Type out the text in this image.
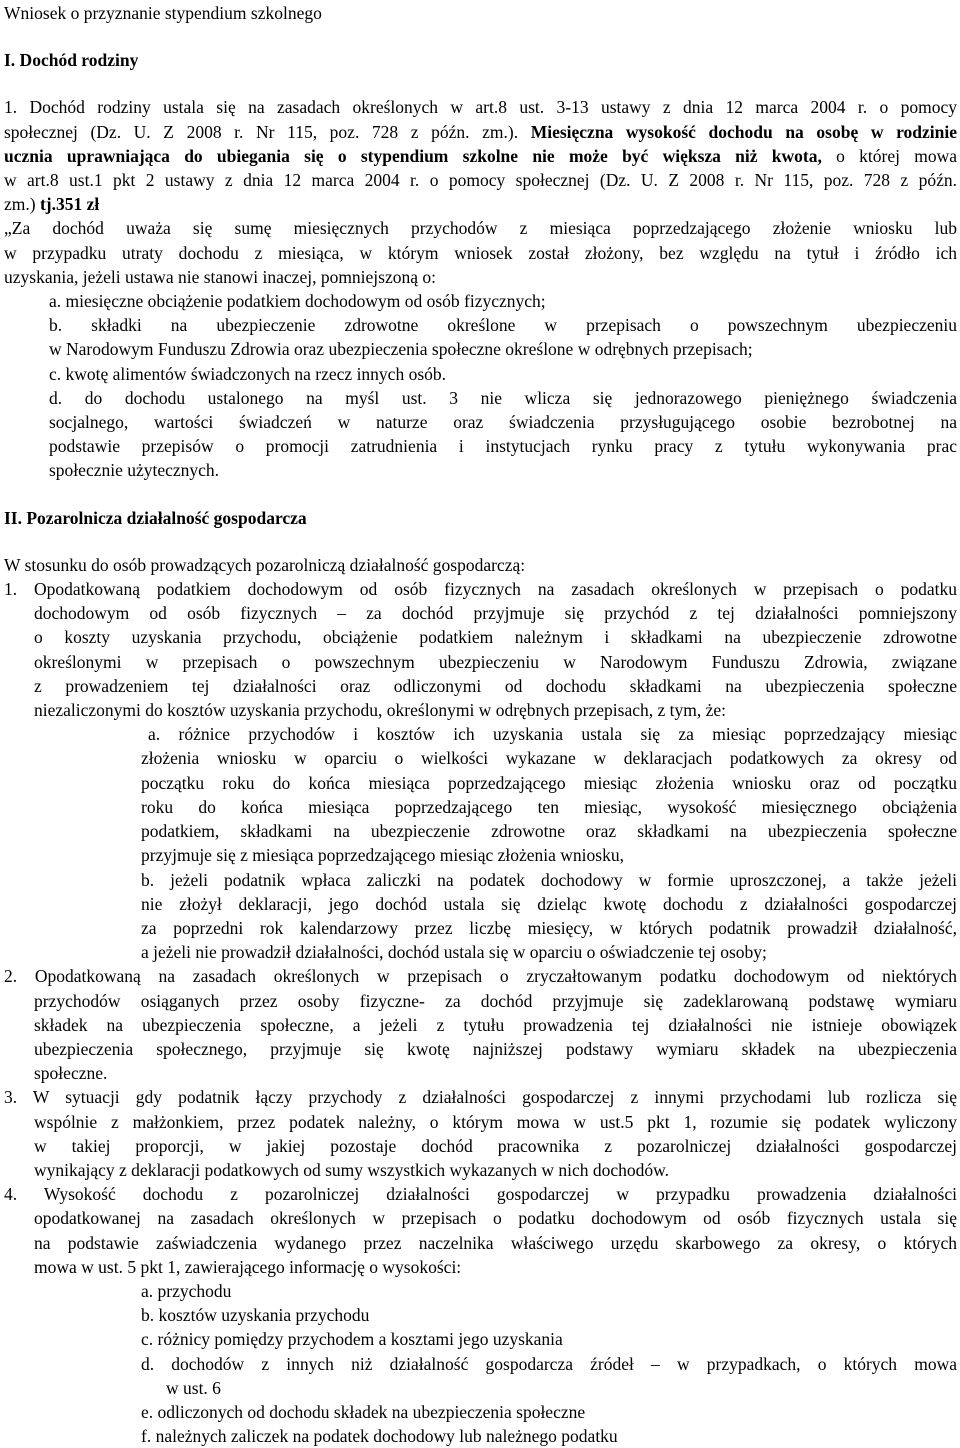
Wniosek o przyznanie stypendium szkolnego
I. Dochód rodziny
1. Dochód rodziny ustala się na zasadach określonych w art.8 ust. 3-13 ustawy z dnia 12 marca 2004 r. o pomocy
społecznej (Dz. U. Z 2008 r. Nr 115, poz. 728 z późn. zm.). Miesięczna wysokość dochodu na osobę w rodzinie
ucznia uprawniająca do ubiegania się o stypendium szkolne nie może być większa niż kwota, o której mowa
w art.8 ust.1 pkt 2 ustawy z dnia 12 marca 2004 r. o pomocy społecznej (Dz. U. Z 2008 r. Nr 115, poz. 728 z późn.
zm.) tj.351 zł
„Za dochód uważa się sumę miesięcznych przychodów z miesiąca poprzedzającego złożenie wniosku lub
w przypadku utraty dochodu z miesiąca, w którym wniosek został złożony, bez względu na tytuł i źródło ich
uzyskania, jeżeli ustawa nie stanowi inaczej, pomniejszoną o:
a. miesięczne obciążenie podatkiem dochodowym od osób fizycznych;
b. składki na ubezpieczenie zdrowotne określone w przepisach o powszechnym ubezpieczeniu
w Narodowym Funduszu Zdrowia oraz ubezpieczenia społeczne określone w odrębnych przepisach;
c. kwotę alimentów świadczonych na rzecz innych osób.
d. do dochodu ustalonego na myśl ust. 3 nie wlicza się jednorazowego pieniężnego świadczenia
socjalnego, wartości świadczeń w naturze oraz świadczenia przysługującego osobie bezrobotnej na
podstawie przepisów o promocji zatrudnienia i instytucjach rynku pracy z tytułu wykonywania prac
społecznie użytecznych.
II. Pozarolnicza działalność gospodarcza
W stosunku do osób prowadzących pozarolniczą działalność gospodarczą:
1. Opodatkowaną podatkiem dochodowym od osób fizycznych na zasadach określonych w przepisach o podatku
dochodowym od osób fizycznych – za dochód przyjmuje się przychód z tej działalności pomniejszony
o koszty uzyskania przychodu, obciążenie podatkiem należnym i składkami na ubezpieczenie zdrowotne
określonymi w przepisach o powszechnym ubezpieczeniu w Narodowym Funduszu Zdrowia, związane
z prowadzeniem tej działalności oraz odliczonymi od dochodu składkami na ubezpieczenia społeczne
niezaliczonymi do kosztów uzyskania przychodu, określonymi w odrębnych przepisach, z tym, że:
a. różnice przychodów i kosztów ich uzyskania ustala się za miesiąc poprzedzający miesiąc
złożenia wniosku w oparciu o wielkości wykazane w deklaracjach podatkowych za okresy od
początku roku do końca miesiąca poprzedzającego miesiąc złożenia wniosku oraz od początku
roku do końca miesiąca poprzedzającego ten miesiąc, wysokość miesięcznego obciążenia
podatkiem, składkami na ubezpieczenie zdrowotne oraz składkami na ubezpieczenia społeczne
przyjmuje się z miesiąca poprzedzającego miesiąc złożenia wniosku,
b. jeżeli podatnik wpłaca zaliczki na podatek dochodowy w formie uproszczonej, a także jeżeli
nie złożył deklaracji, jego dochód ustala się dzieląc kwotę dochodu z działalności gospodarczej
za poprzedni rok kalendarzowy przez liczbę miesięcy, w których podatnik prowadził działalność,
a jeżeli nie prowadził działalności, dochód ustala się w oparciu o oświadczenie tej osoby;
2. Opodatkowaną na zasadach określonych w przepisach o zryczałtowanym podatku dochodowym od niektórych
przychodów osiąganych przez osoby fizyczne- za dochód przyjmuje się zadeklarowaną podstawę wymiaru
składek na ubezpieczenia społeczne, a jeżeli z tytułu prowadzenia tej działalności nie istnieje obowiązek
ubezpieczenia społecznego, przyjmuje się kwotę najniższej podstawy wymiaru składek na ubezpieczenia
społeczne.
3. W sytuacji gdy podatnik łączy przychody z działalności gospodarczej z innymi przychodami lub rozlicza się
wspólnie z małżonkiem, przez podatek należny, o którym mowa w ust.5 pkt 1, rozumie się podatek wyliczony
w takiej proporcji, w jakiej pozostaje dochód pracownika z pozarolniczej działalności gospodarczej
wynikający z deklaracji podatkowych od sumy wszystkich wykazanych w nich dochodów.
4. Wysokość dochodu z pozarolniczej działalności gospodarczej w przypadku prowadzenia działalności
opodatkowanej na zasadach określonych w przepisach o podatku dochodowym od osób fizycznych ustala się
na podstawie zaświadczenia wydanego przez naczelnika właściwego urzędu skarbowego za okresy, o których
mowa w ust. 5 pkt 1, zawierającego informację o wysokości:
a. przychodu
b. kosztów uzyskania przychodu
c. różnicy pomiędzy przychodem a kosztami jego uzyskania
d. dochodów z innych niż działalność gospodarcza źródeł – w przypadkach, o których mowa
w ust. 6
e. odliczonych od dochodu składek na ubezpieczenia społeczne
f. należnych zaliczek na podatek dochodowy lub należnego podatku
